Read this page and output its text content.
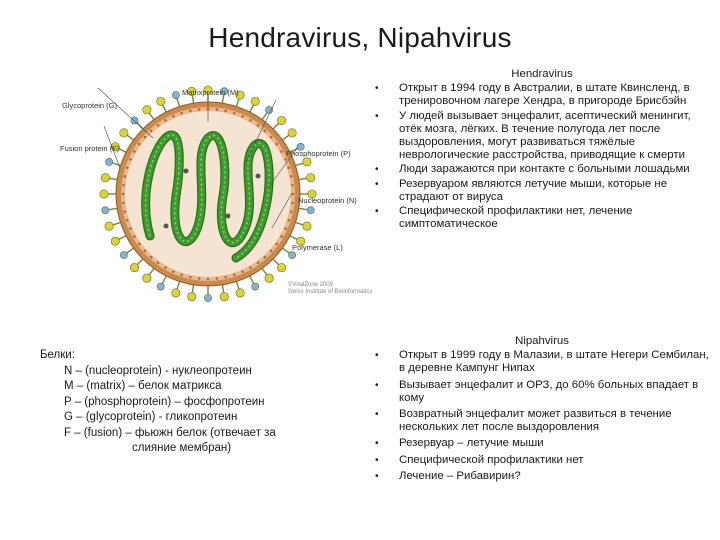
Hendravirus, Nipahvirus
Matrixprotein (M)
Glycoprotein (G)
Fusion protein (F)
Phosphoprotein (P)
Nucleoprotein (N)
Polymerase (L)
©ViralZone 2009
Swiss Institute of Bioinformatics
Белки:
N – (nucleoprotein) - нуклеопротеин
M – (matrix) – белок матрикса
P – (phosphoprotein) – фосфопротеин
G – (glycoprotein) - гликопротеин
F – (fusion) – фьюжн белок (отвечает за
слияние мембран)
Hendravirus
• Открыт в 1994 году в Австралии, в штате Квинсленд, в тренировочном лагере Хендра, в пригороде Брисбэйн
• У людей вызывает энцефалит, асептический менингит, отёк мозга, лёгких. В течение полугода лет после выздоровления, могут развиваться тяжёлые неврологические расстройства, приводящие к смерти
• Люди заражаются при контакте с больными лошадьми
• Резервуаром являются летучие мыши, которые не страдают от вируса
• Специфической профилактики нет, лечение симптоматическое
Nipahvirus
• Открыт в 1999 году в Малазии, в штате Негери Сембилан, в деревне Кампунг Нипах
• Вызывает энцефалит и ОРЗ, до 60% больных впадает в кому
• Возвратный энцефалит может развиться в течение нескольких лет после выздоровления
• Резервуар – летучие мыши
• Специфической профилактики нет
• Лечение – Рибавирин?
